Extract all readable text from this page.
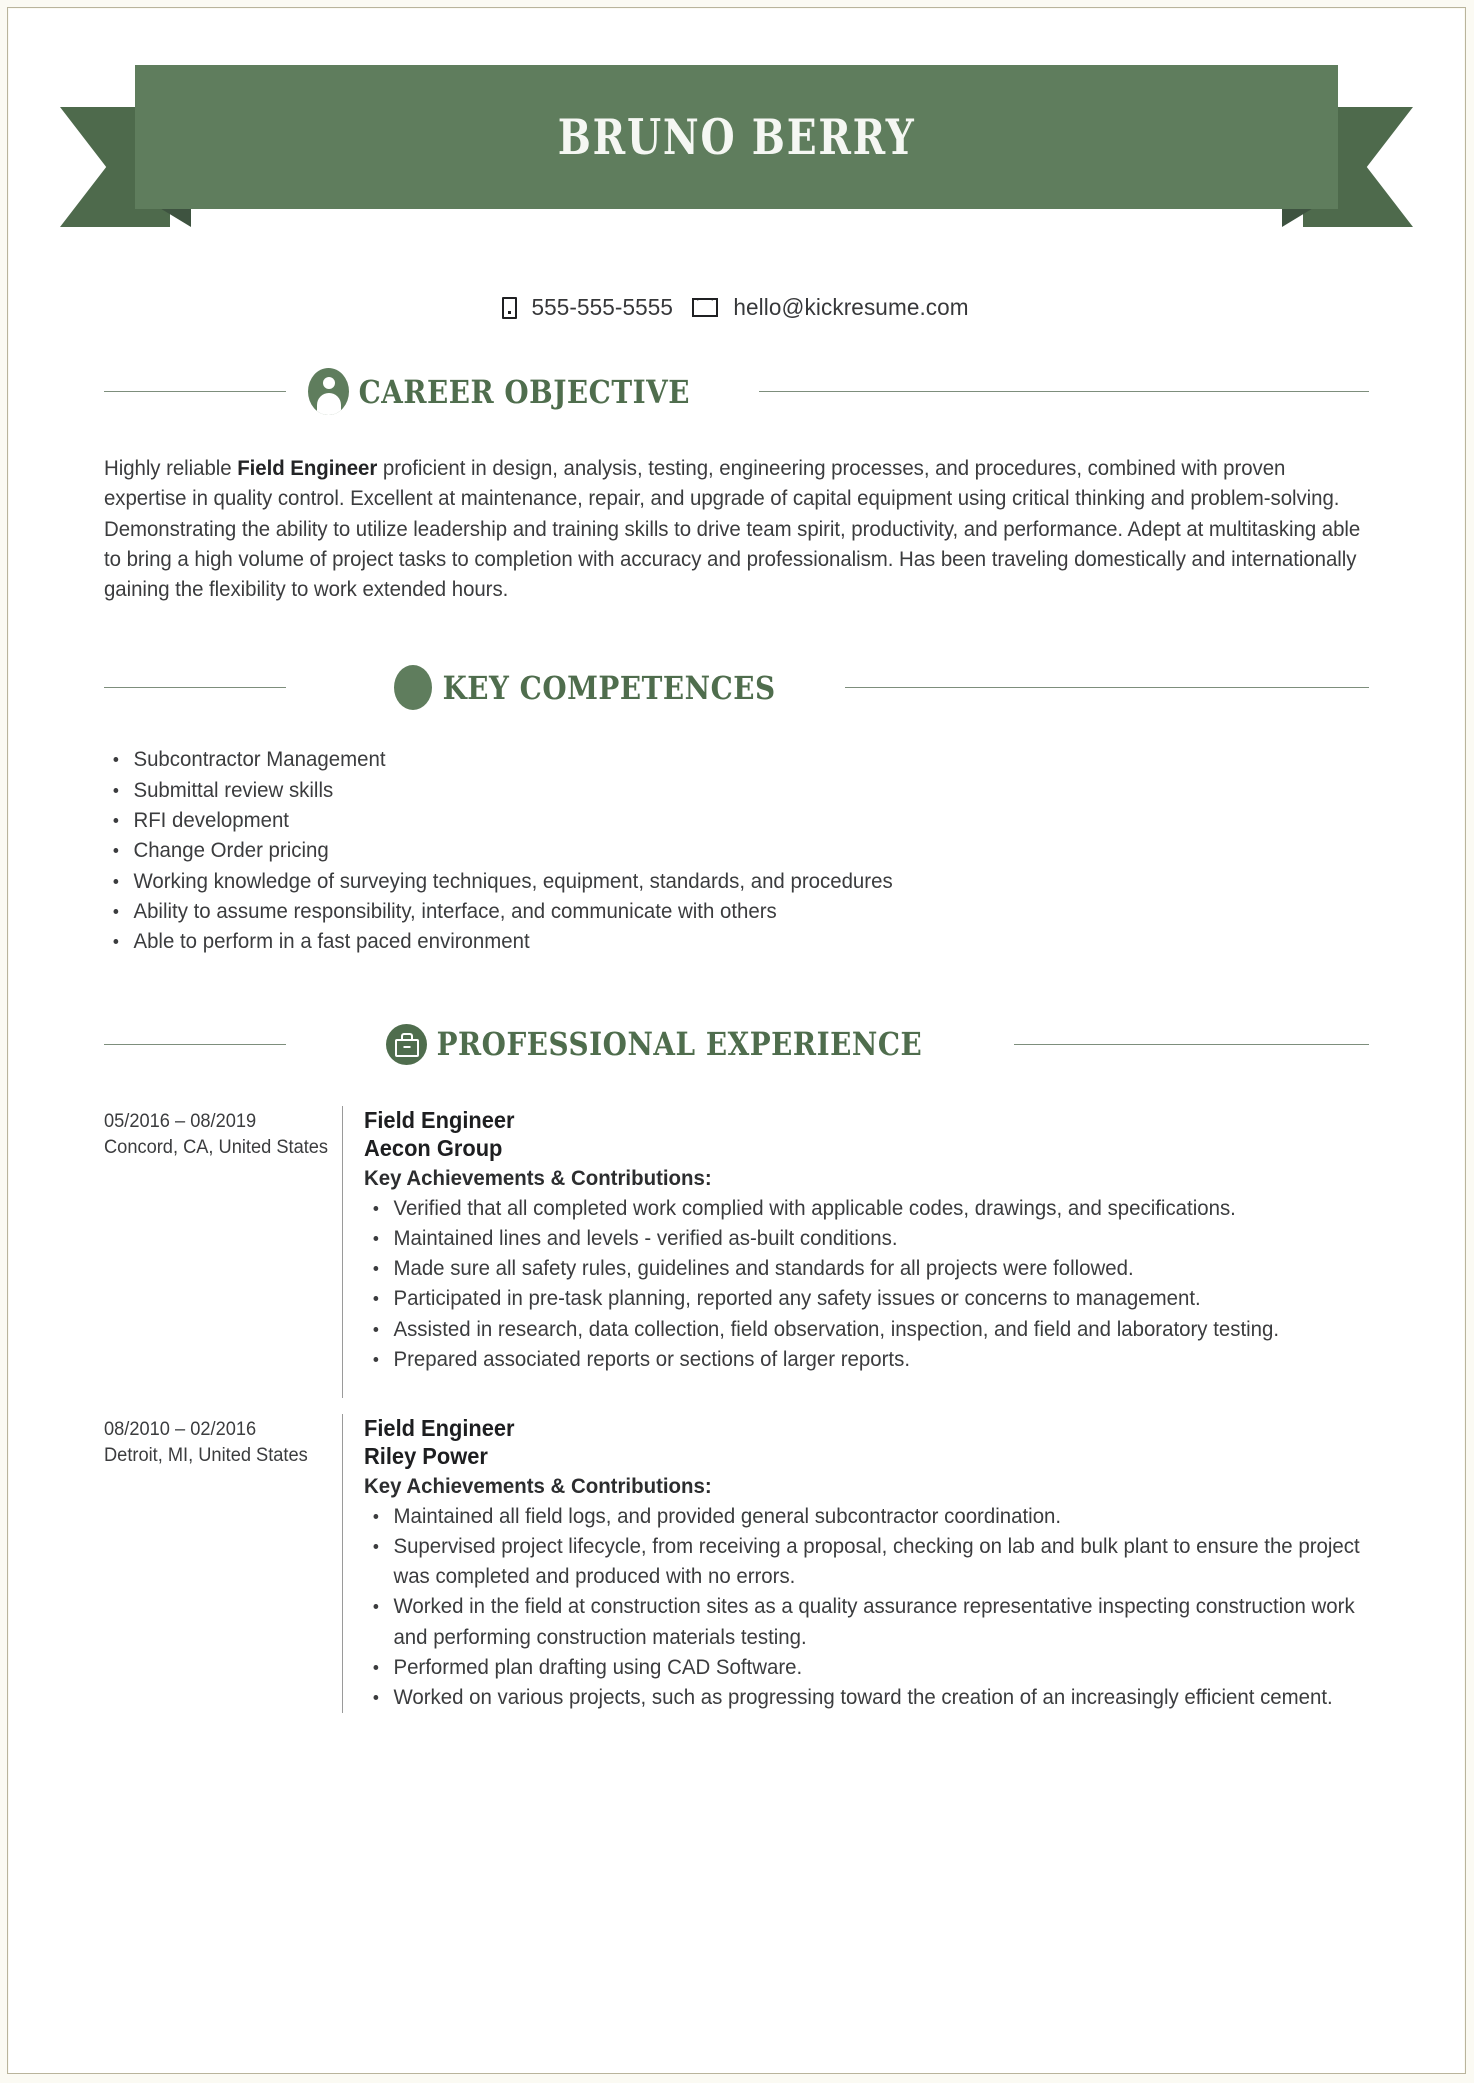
BRUNO BERRY
555-555-5555	hello@kickresume.com
CAREER OBJECTIVE

Highly reliable Field Engineer proficient in design, analysis, testing, engineering processes, and procedures, combined with proven expertise in quality control. Excellent at maintenance, repair, and upgrade of capital equipment using critical thinking and problem-solving. Demonstrating the ability to utilize leadership and training skills to drive team spirit, productivity, and performance. Adept at multitasking able to bring a high volume of project tasks to completion with accuracy and professionalism. Has been traveling domestically and internationally gaining the flexibility to work extended hours.

KEY COMPETENCES
Subcontractor Management
Submittal review skills
RFI development
Change Order pricing
Working knowledge of surveying techniques, equipment, standards, and procedures
Ability to assume responsibility, interface, and communicate with others
Able to perform in a fast paced environment
PROFESSIONAL EXPERIENCE
05/2016 – 08/2019
Concord, CA, United States
Field Engineer
Aecon Group
Key Achievements & Contributions:
Verified that all completed work complied with applicable codes, drawings, and specifications.
Maintained lines and levels - verified as-built conditions.
Made sure all safety rules, guidelines and standards for all projects were followed.
Participated in pre-task planning, reported any safety issues or concerns to management.
Assisted in research, data collection, field observation, inspection, and field and laboratory testing.
Prepared associated reports or sections of larger reports.
08/2010 – 02/2016
Detroit, MI, United States
Field Engineer
Riley Power
Key Achievements & Contributions:
Maintained all field logs, and provided general subcontractor coordination.
Supervised project lifecycle, from receiving a proposal, checking on lab and bulk plant to ensure the project was completed and produced with no errors.
Worked in the field at construction sites as a quality assurance representative inspecting construction work and performing construction materials testing.
Performed plan drafting using CAD Software.
Worked on various projects, such as progressing toward the creation of an increasingly efficient cement.
